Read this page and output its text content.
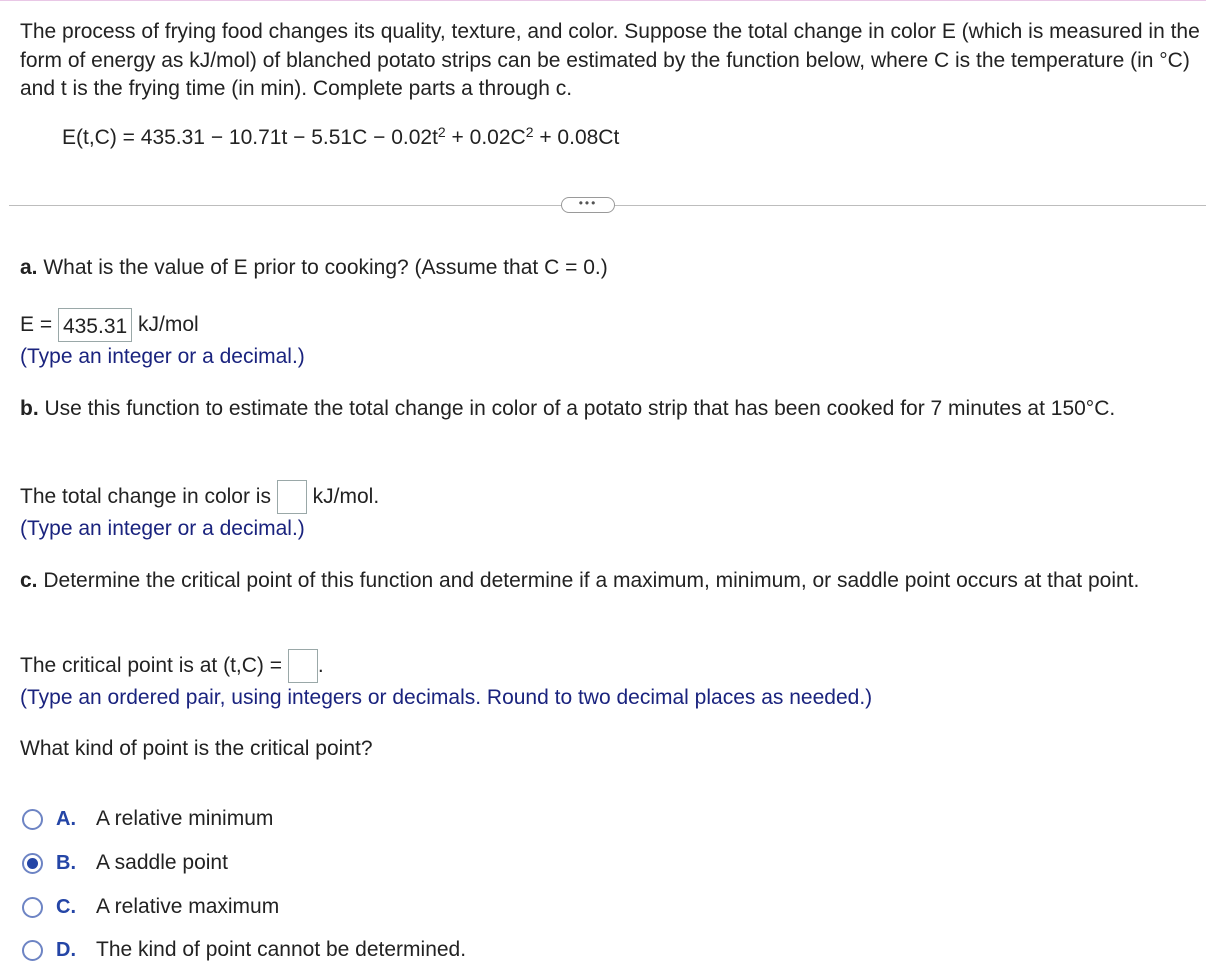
The process of frying food changes its quality, texture, and color. Suppose the total change in color E (which is measured in the form of energy as kJ/mol) of blanched potato strips can be estimated by the function below, where C is the temperature (in °C) and t is the frying time (in min). Complete parts a through c.
$E(t,C) = 435.31 - 10.71t - 5.51C - 0.02t^2 + 0.02C^2 + 0.08Ct$
•••
a. What is the value of E prior to cooking? (Assume that C = 0.)
E = 435.31 kJ/mol
(Type an integer or a decimal.)
b. Use this function to estimate the total change in color of a potato strip that has been cooked for 7 minutes at 150°C.
The total change in color is kJ/mol.
(Type an integer or a decimal.)
c. Determine the critical point of this function and determine if a maximum, minimum, or saddle point occurs at that point.
The critical point is at (t,C) = .
(Type an ordered pair, using integers or decimals. Round to two decimal places as needed.)
What kind of point is the critical point?
A. A relative minimum
B. A saddle point
C. A relative maximum
D. The kind of point cannot be determined.
